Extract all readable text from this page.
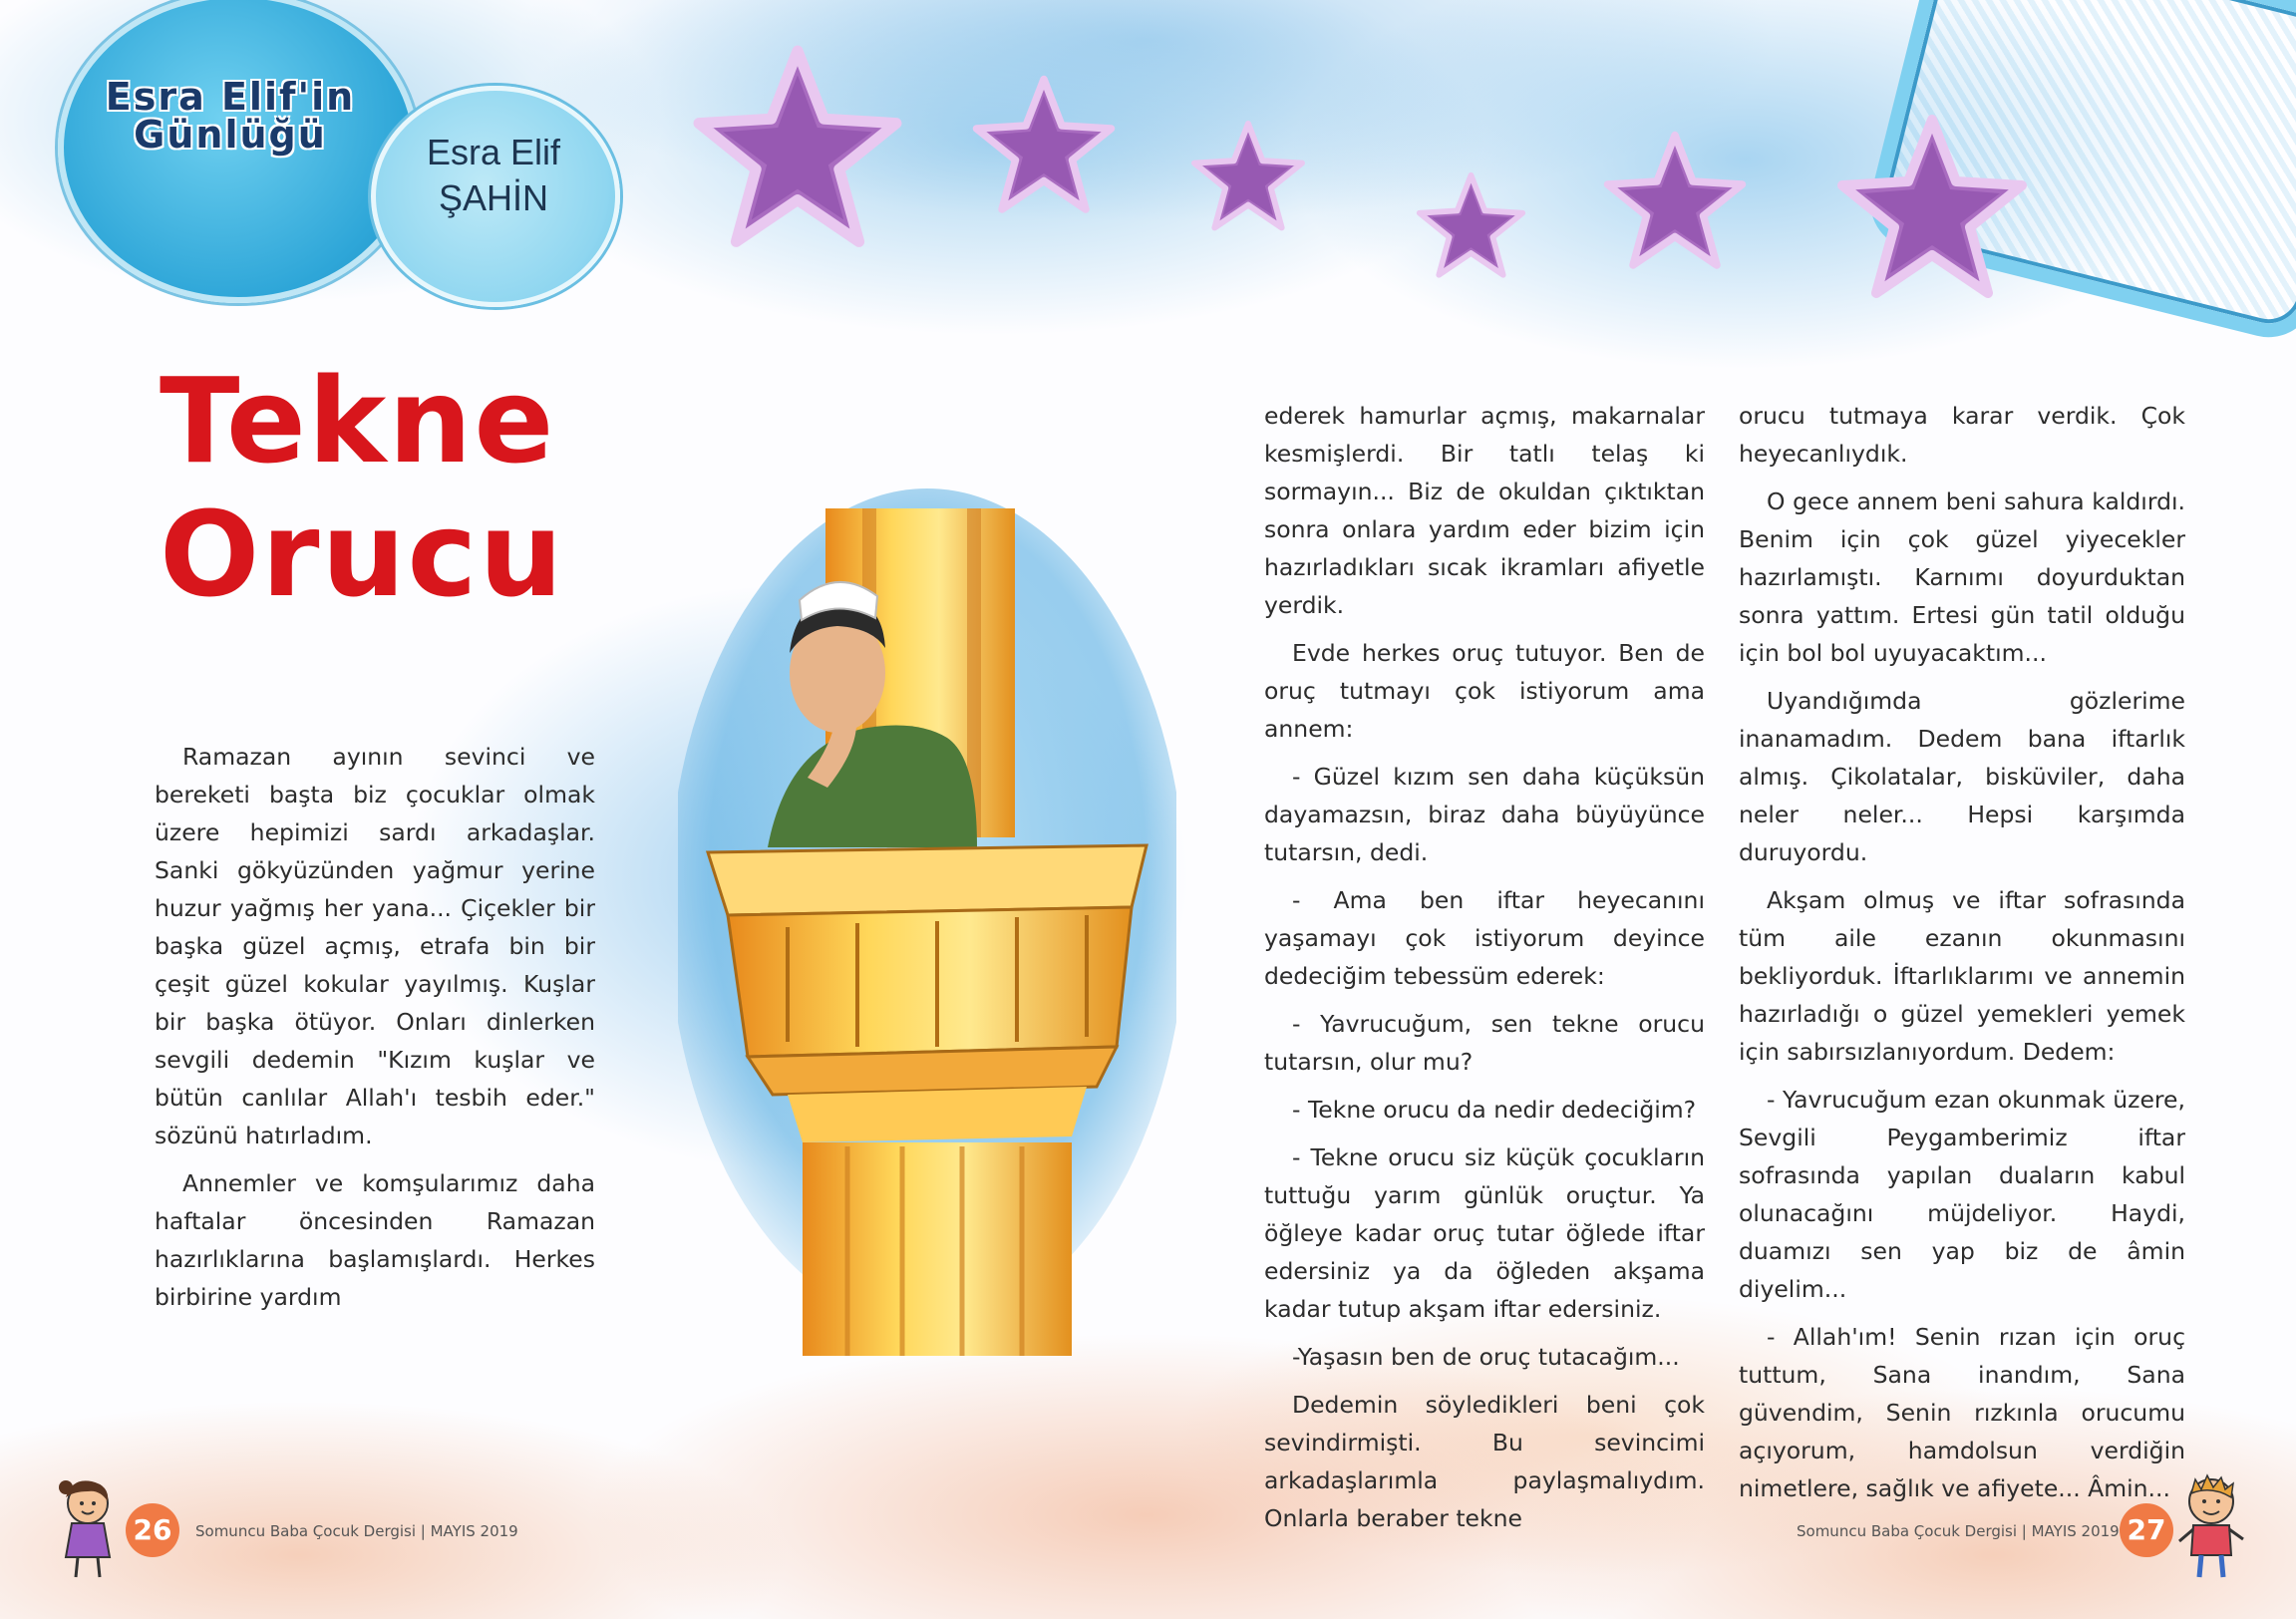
Esra Elif'in Günlüğü	Esra Elif
ŞAHİN
Tekne
Orucu

Ramazan ayının sevinci ve bereketi başta biz çocuklar olmak üzere hepimizi sardı arkadaşlar. Sanki gökyüzünden yağmur yerine huzur yağmış her yana... Çiçekler bir başka güzel açmış, etrafa bin bir çeşit güzel kokular yayılmış. Kuşlar bir başka ötüyor. Onları dinlerken sevgili dedemin "Kızım kuşlar ve bütün canlılar Allah'ı tesbih eder." sözünü hatırladım.

Annemler ve komşularımız daha haftalar öncesinden Ramazan hazırlıklarına başlamışlardı. Herkes birbirine yardım

ederek hamurlar açmış, makarnalar kesmişlerdi. Bir tatlı telaş ki sormayın... Biz de okuldan çıktıktan sonra onlara yardım eder bizim için hazırladıkları sıcak ikramları afiyetle yerdik.

Evde herkes oruç tutuyor. Ben de oruç tutmayı çok istiyorum ama annem:

- Güzel kızım sen daha küçüksün dayamazsın, biraz daha büyüyünce tutarsın, dedi.

- Ama ben iftar heyecanını yaşamayı çok istiyorum deyince dedeciğim tebessüm ederek:

- Yavrucuğum, sen tekne orucu tutarsın, olur mu?

- Tekne orucu da nedir dedeciğim?

- Tekne orucu siz küçük çocukların tuttuğu yarım günlük oruçtur. Ya öğleye kadar oruç tutar öğlede iftar edersiniz ya da öğleden akşama kadar tutup akşam iftar edersiniz.

-Yaşasın ben de oruç tutacağım...

Dedemin söyledikleri beni çok sevindirmişti. Bu sevincimi arkadaşlarımla paylaşmalıydım. Onlarla beraber tekne

orucu tutmaya karar verdik. Çok heyecanlıydık.

O gece annem beni sahura kaldırdı. Benim için çok güzel yiyecekler hazırlamıştı. Karnımı doyurduktan sonra yattım. Ertesi gün tatil olduğu için bol bol uyuyacaktım...

Uyandığımda gözlerime inanamadım. Dedem bana iftarlık almış. Çikolatalar, bisküviler, daha neler neler... Hepsi karşımda duruyordu.

Akşam olmuş ve iftar sofrasında tüm aile ezanın okunmasını bekliyorduk. İftarlıklarımı ve annemin hazırladığı o güzel yemekleri yemek için sabırsızlanıyordum. Dedem:

- Yavrucuğum ezan okunmak üzere, Sevgili Peygamberimiz iftar sofrasında yapılan duaların kabul olunacağını müjdeliyor. Haydi, duamızı sen yap biz de âmin diyelim...

- Allah'ım! Senin rızan için oruç tuttum, Sana inandım, Sana güvendim, Senin rızkınla orucumu açıyorum, hamdolsun verdiğin nimetlere, sağlık ve afiyete... Âmin...

26	Somuncu Baba Çocuk Dergisi | MAYIS 2019	Somuncu Baba Çocuk Dergisi | MAYIS 2019 27
